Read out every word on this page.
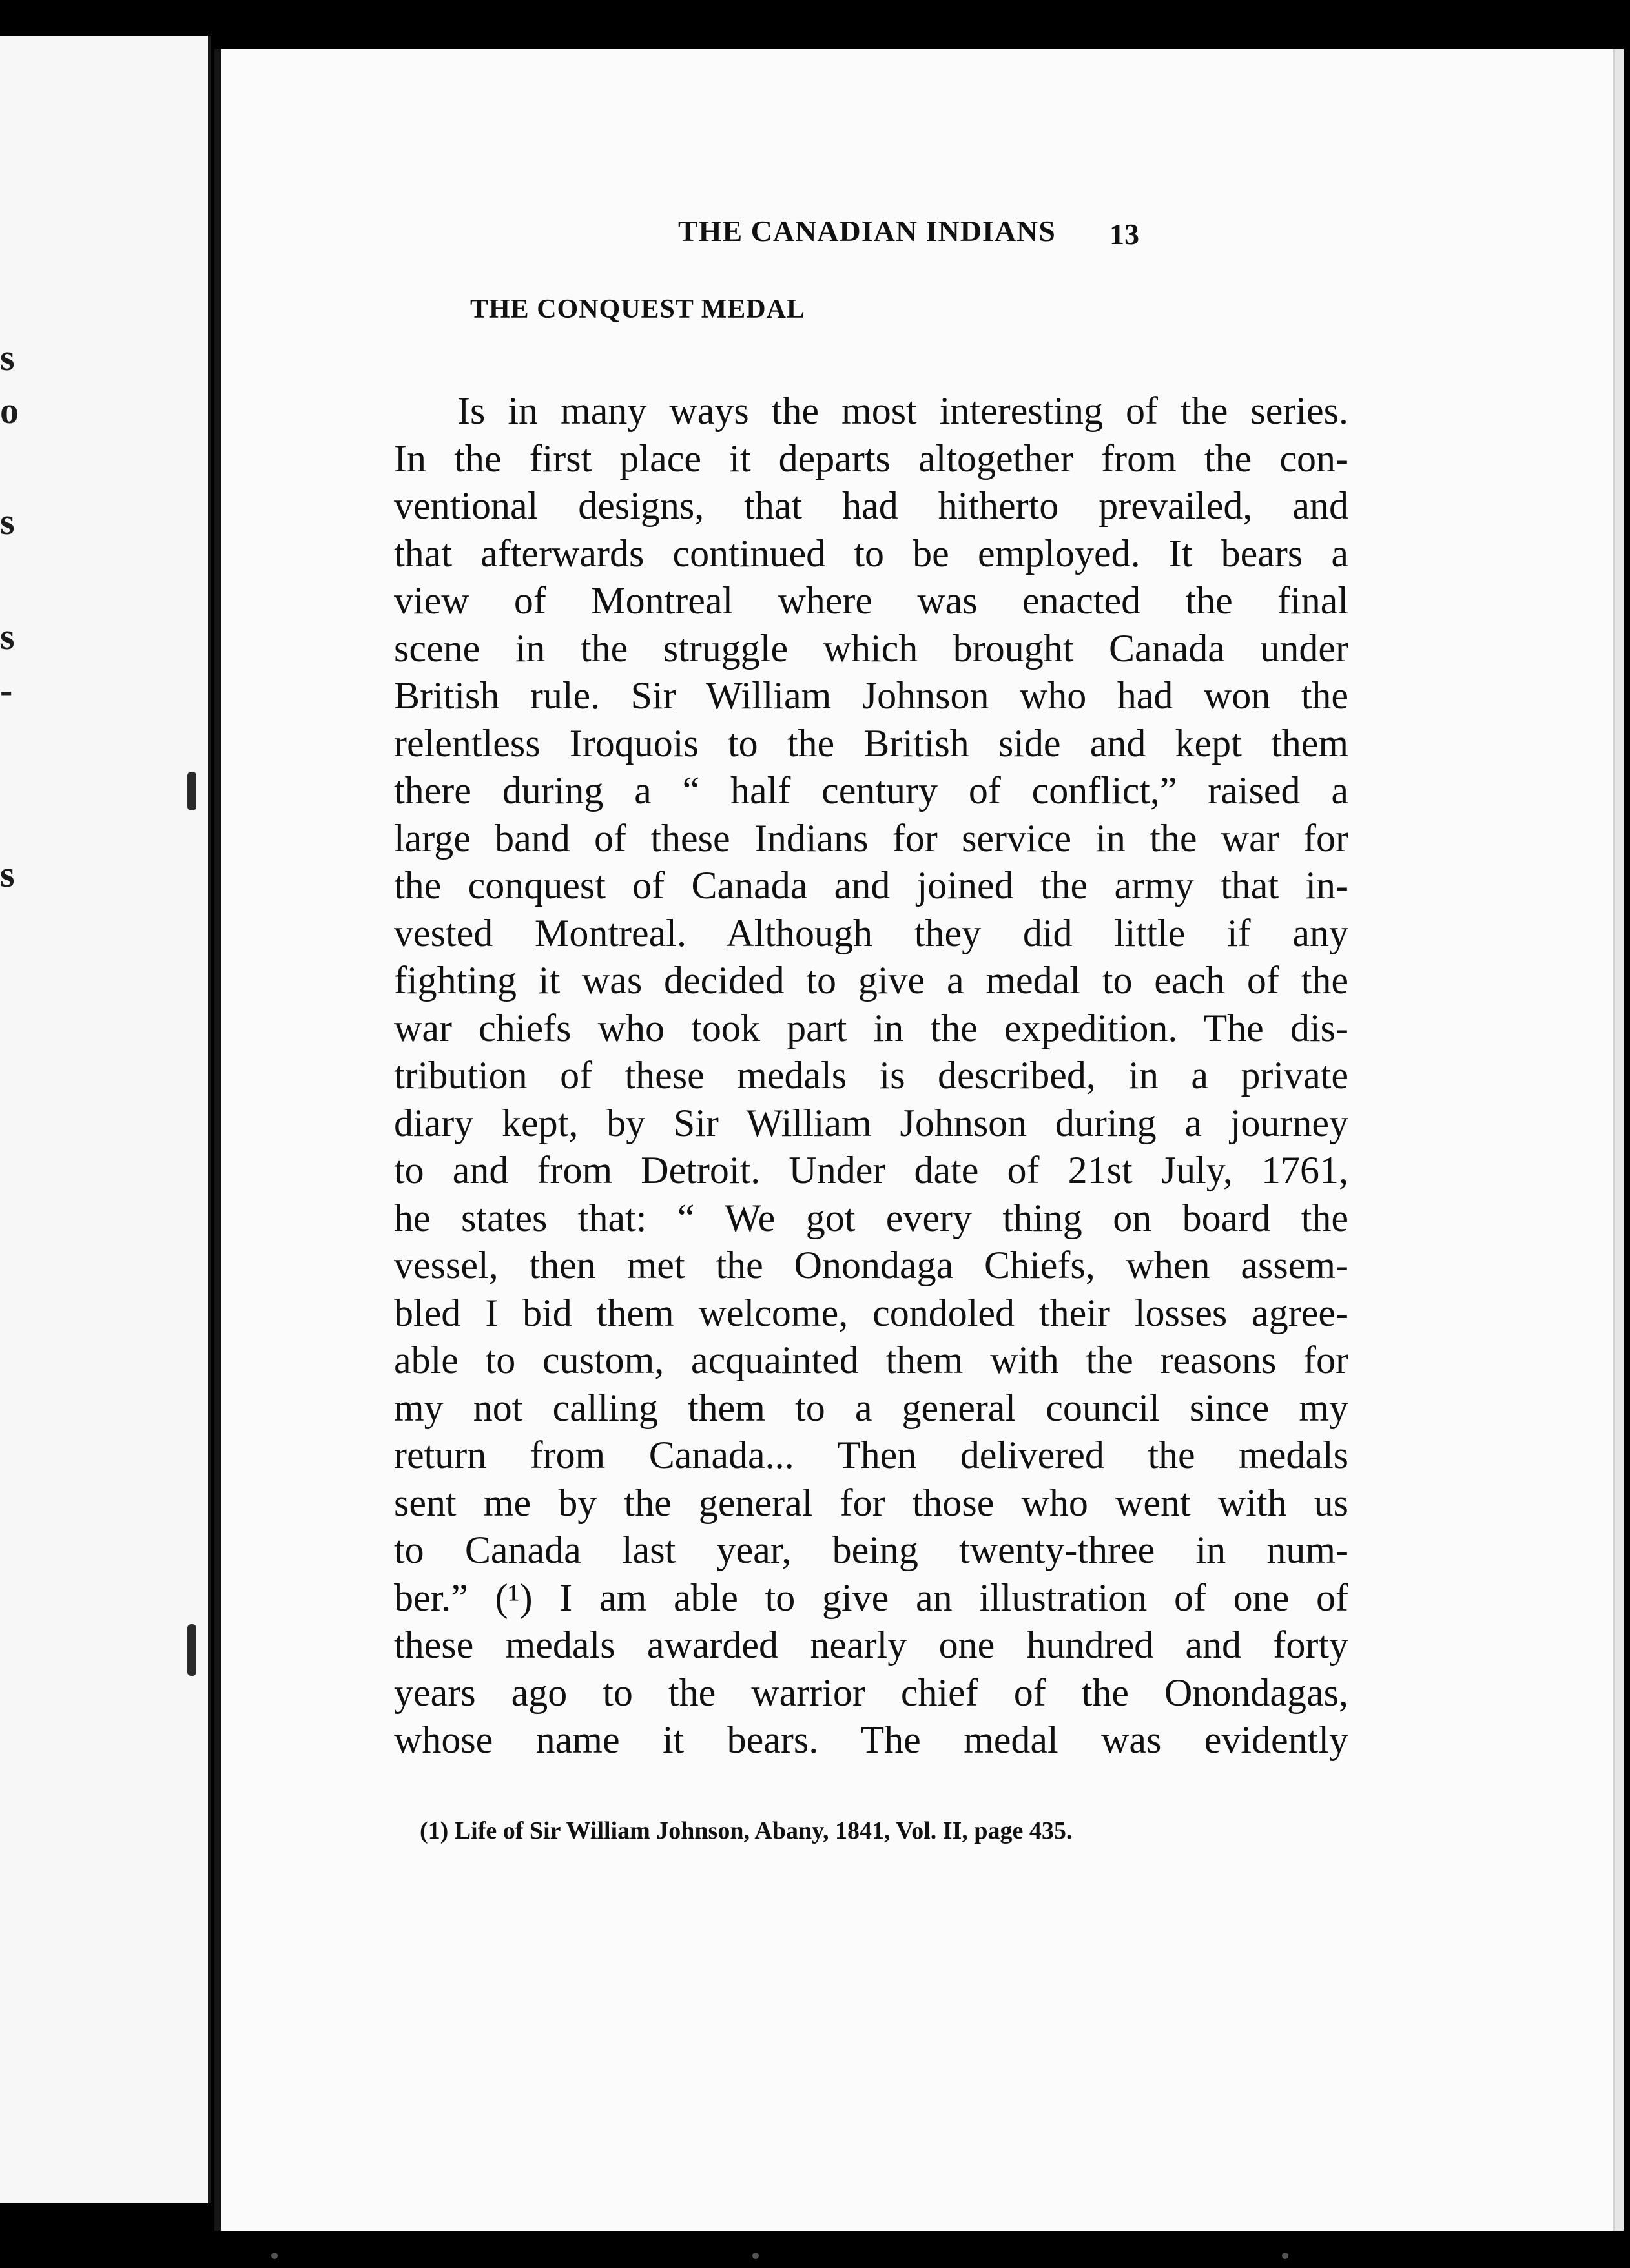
s
o
s
s
-
s
THE CANADIAN INDIANS 13
THE CONQUEST MEDAL
Is in many ways the most interesting of the series.
In the first place it departs altogether from the con-
ventional designs, that had hitherto prevailed, and
that afterwards continued to be employed. It bears a
view of Montreal where was enacted the final
scene in the struggle which brought Canada under
British rule. Sir William Johnson who had won the
relentless Iroquois to the British side and kept them
there during a “ half century of conflict,” raised a
large band of these Indians for service in the war for
the conquest of Canada and joined the army that in-
vested Montreal. Although they did little if any
fighting it was decided to give a medal to each of the
war chiefs who took part in the expedition. The dis-
tribution of these medals is described, in a private
diary kept, by Sir William Johnson during a journey
to and from Detroit. Under date of 21st July, 1761,
he states that: “ We got every thing on board the
vessel, then met the Onondaga Chiefs, when assem-
bled I bid them welcome, condoled their losses agree-
able to custom, acquainted them with the reasons for
my not calling them to a general council since my
return from Canada... Then delivered the medals
sent me by the general for those who went with us
to Canada last year, being twenty-three in num-
ber.” (¹) I am able to give an illustration of one of
these medals awarded nearly one hundred and forty
years ago to the warrior chief of the Onondagas,
whose name it bears. The medal was evidently
(1) Life of Sir William Johnson, Abany, 1841, Vol. II, page 435.
